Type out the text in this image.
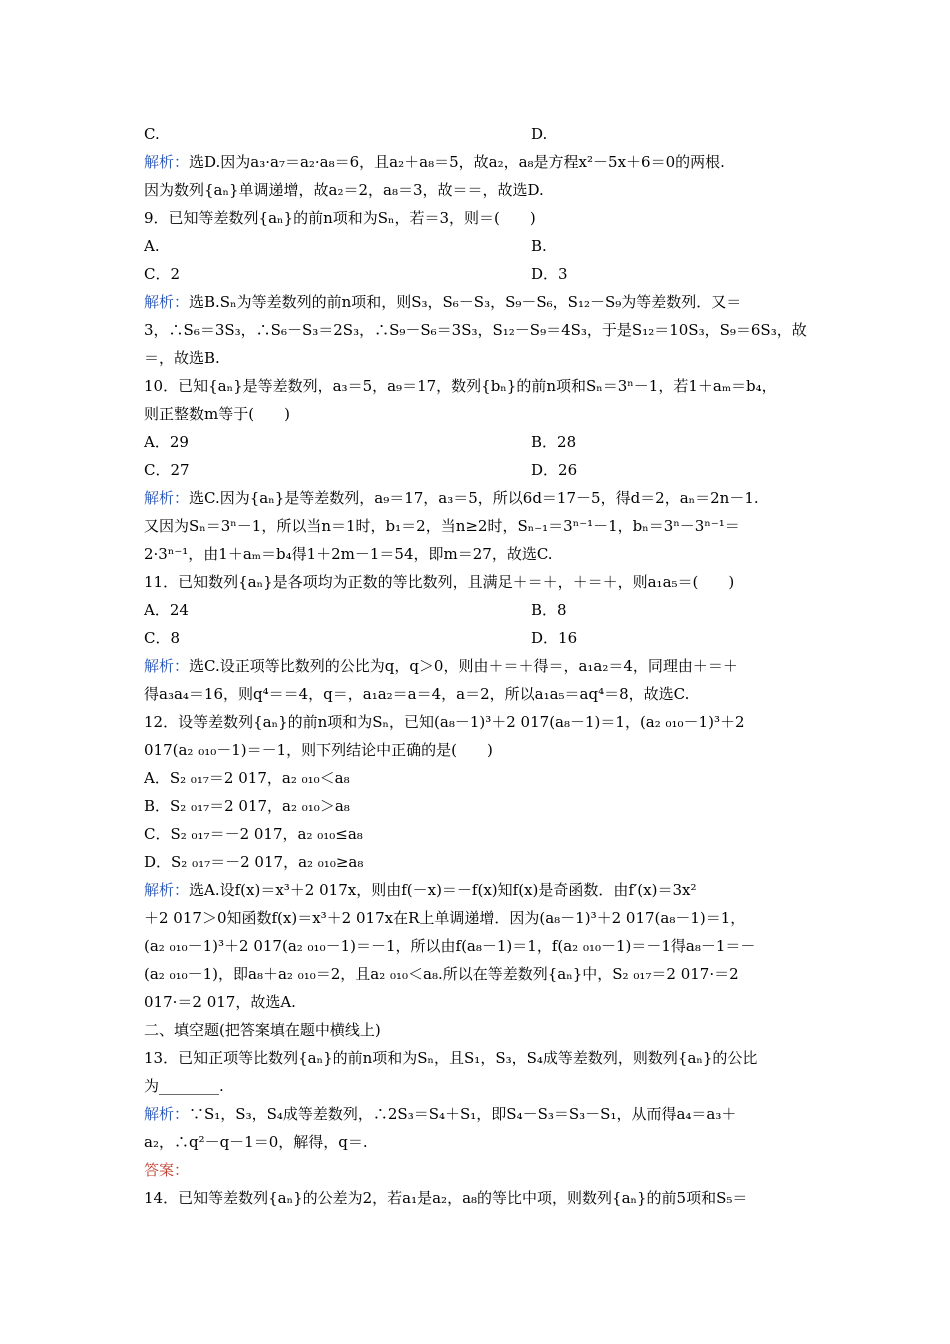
C.	D.
解析：选D.因为a₃·a₇＝a₂·a₈＝6，且a₂＋a₈＝5，故a₂，a₈是方程x²－5x＋6＝0的两根.
因为数列{aₙ}单调递增，故a₂＝2，a₈＝3，故＝＝，故选D.
9．已知等差数列{aₙ}的前n项和为Sₙ，若＝3，则＝(　　)
A.	B.
C．2	D．3
解析：选B.Sₙ为等差数列的前n项和，则S₃，S₆－S₃，S₉－S₆，S₁₂－S₉为等差数列．又＝
3，∴S₆＝3S₃，∴S₆－S₃＝2S₃，∴S₉－S₆＝3S₃，S₁₂－S₉＝4S₃，于是S₁₂＝10S₃，S₉＝6S₃，故
＝，故选B.
10．已知{aₙ}是等差数列，a₃＝5，a₉＝17，数列{bₙ}的前n项和Sₙ＝3ⁿ－1，若1＋aₘ＝b₄，
则正整数m等于(　　)
A．29	B．28
C．27	D．26
解析：选C.因为{aₙ}是等差数列，a₉＝17，a₃＝5，所以6d＝17－5，得d＝2，aₙ＝2n－1.
又因为Sₙ＝3ⁿ－1，所以当n＝1时，b₁＝2，当n≥2时，Sₙ₋₁＝3ⁿ⁻¹－1，bₙ＝3ⁿ－3ⁿ⁻¹＝
2·3ⁿ⁻¹，由1＋aₘ＝b₄得1＋2m－1＝54，即m＝27，故选C.
11．已知数列{aₙ}是各项均为正数的等比数列，且满足＋＝＋，＋＝＋，则a₁a₅＝(　　)
A．24	B．8
C．8	D．16
解析：选C.设正项等比数列的公比为q，q＞0，则由＋＝＋得＝，a₁a₂＝4，同理由＋＝＋
得a₃a₄＝16，则q⁴＝＝4，q＝，a₁a₂＝a＝4，a＝2，所以a₁a₅＝aq⁴＝8，故选C.
12．设等差数列{aₙ}的前n项和为Sₙ，已知(a₈－1)³＋2 017(a₈－1)＝1，(a₂ ₀₁₀－1)³＋2
017(a₂ ₀₁₀－1)＝－1，则下列结论中正确的是(　　)
A．S₂ ₀₁₇＝2 017，a₂ ₀₁₀＜a₈
B．S₂ ₀₁₇＝2 017，a₂ ₀₁₀＞a₈
C．S₂ ₀₁₇＝－2 017，a₂ ₀₁₀≤a₈
D．S₂ ₀₁₇＝－2 017，a₂ ₀₁₀≥a₈
解析：选A.设f(x)＝x³＋2 017x，则由f(－x)＝－f(x)知f(x)是奇函数．由f′(x)＝3x²
＋2 017＞0知函数f(x)＝x³＋2 017x在R上单调递增．因为(a₈－1)³＋2 017(a₈－1)＝1，
(a₂ ₀₁₀－1)³＋2 017(a₂ ₀₁₀－1)＝－1，所以由f(a₈－1)＝1，f(a₂ ₀₁₀－1)＝－1得a₈－1＝－
(a₂ ₀₁₀－1)，即a₈＋a₂ ₀₁₀＝2，且a₂ ₀₁₀＜a₈.所以在等差数列{aₙ}中，S₂ ₀₁₇＝2 017·＝2
017·＝2 017，故选A.
二、填空题(把答案填在题中横线上)
13．已知正项等比数列{aₙ}的前n项和为Sₙ，且S₁，S₃，S₄成等差数列，则数列{aₙ}的公比
为________.
解析：∵S₁，S₃，S₄成等差数列，∴2S₃＝S₄＋S₁，即S₄－S₃＝S₃－S₁，从而得a₄＝a₃＋
a₂，∴q²－q－1＝0，解得，q＝.
答案：
14．已知等差数列{aₙ}的公差为2，若a₁是a₂，a₈的等比中项，则数列{aₙ}的前5项和S₅＝
